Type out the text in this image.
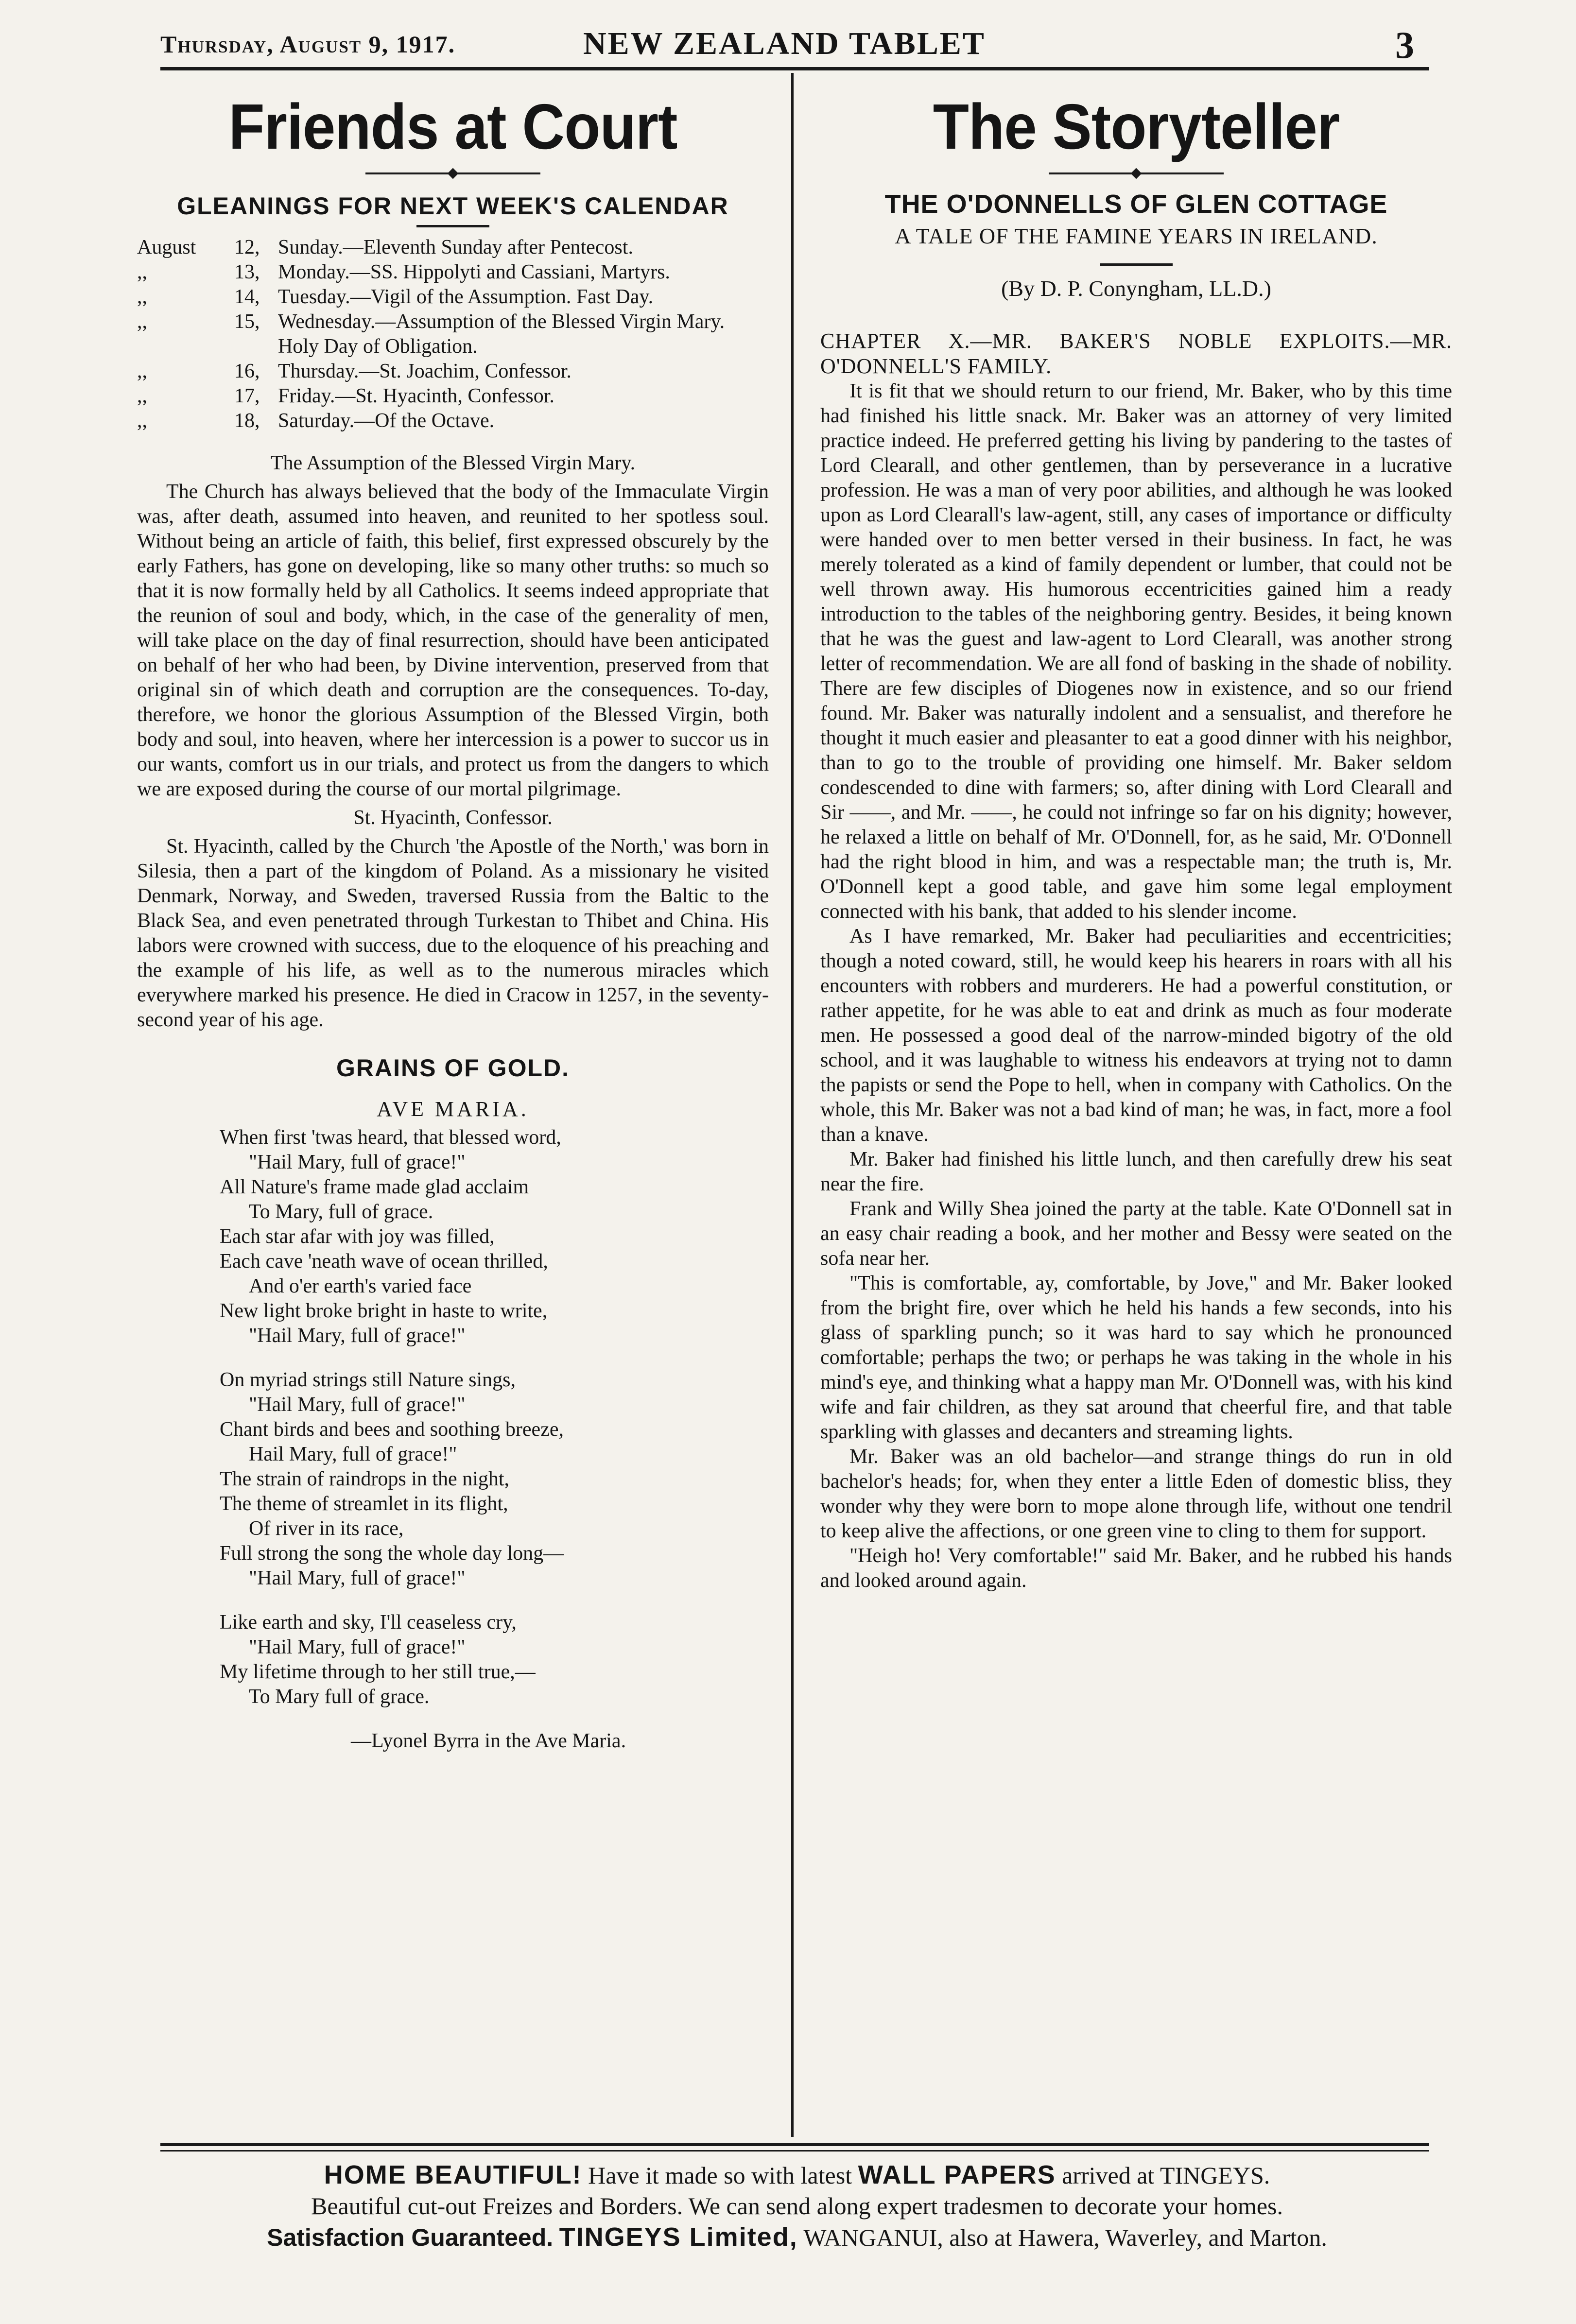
Thursday, August 9, 1917.	NEW ZEALAND TABLET	3
Friends at Court
GLEANINGS FOR NEXT WEEK'S CALENDAR
August	12, Sunday.—Eleventh Sunday after Pentecost.
,,	13, Monday.—SS. Hippolyti and Cassiani, Martyrs.
,,	14, Tuesday.—Vigil of the Assumption. Fast Day.
,,	15, Wednesday.—Assumption of the Blessed Virgin Mary. Holy Day of Obligation.
,,	16, Thursday.—St. Joachim, Confessor.
,,	17, Friday.—St. Hyacinth, Confessor.
,,	18, Saturday.—Of the Octave.

The Assumption of the Blessed Virgin Mary.

The Church has always believed that the body of the Immaculate Virgin was, after death, assumed into heaven, and reunited to her spotless soul. Without being an article of faith, this belief, first expressed obscurely by the early Fathers, has gone on developing, like so many other truths: so much so that it is now formally held by all Catholics. It seems indeed appropriate that the reunion of soul and body, which, in the case of the generality of men, will take place on the day of final resurrection, should have been anticipated on behalf of her who had been, by Divine intervention, preserved from that original sin of which death and corruption are the consequences. To-day, therefore, we honor the glorious Assumption of the Blessed Virgin, both body and soul, into heaven, where her intercession is a power to succor us in our wants, comfort us in our trials, and protect us from the dangers to which we are exposed during the course of our mortal pilgrimage.

St. Hyacinth, Confessor.

St. Hyacinth, called by the Church 'the Apostle of the North,' was born in Silesia, then a part of the kingdom of Poland. As a missionary he visited Denmark, Norway, and Sweden, traversed Russia from the Baltic to the Black Sea, and even penetrated through Turkestan to Thibet and China. His labors were crowned with success, due to the eloquence of his preaching and the example of his life, as well as to the numerous miracles which everywhere marked his presence. He died in Cracow in 1257, in the seventy-second year of his age.

GRAINS OF GOLD.
AVE MARIA.
When first 'twas heard, that blessed word,
"Hail Mary, full of grace!"
All Nature's frame made glad acclaim
To Mary, full of grace.
Each star afar with joy was filled,
Each cave 'neath wave of ocean thrilled,
And o'er earth's varied face
New light broke bright in haste to write,
"Hail Mary, full of grace!"
On myriad strings still Nature sings,
"Hail Mary, full of grace!"
Chant birds and bees and soothing breeze,
Hail Mary, full of grace!"
The strain of raindrops in the night,
The theme of streamlet in its flight,
Of river in its race,
Full strong the song the whole day long—
"Hail Mary, full of grace!"
Like earth and sky, I'll ceaseless cry,
"Hail Mary, full of grace!"
My lifetime through to her still true,—
To Mary full of grace.
—Lyonel Byrra in the Ave Maria.
The Storyteller
THE O'DONNELLS OF GLEN COTTAGE
A TALE OF THE FAMINE YEARS IN IRELAND.
(By D. P. Conyngham, LL.D.)
CHAPTER X.—MR. BAKER'S NOBLE EXPLOITS.—MR. O'DONNELL'S FAMILY.

It is fit that we should return to our friend, Mr. Baker, who by this time had finished his little snack. Mr. Baker was an attorney of very limited practice indeed. He preferred getting his living by pandering to the tastes of Lord Clearall, and other gentlemen, than by perseverance in a lucrative profession. He was a man of very poor abilities, and although he was looked upon as Lord Clearall's law-agent, still, any cases of importance or difficulty were handed over to men better versed in their business. In fact, he was merely tolerated as a kind of family dependent or lumber, that could not be well thrown away. His humorous eccentricities gained him a ready introduction to the tables of the neighboring gentry. Besides, it being known that he was the guest and law-agent to Lord Clearall, was another strong letter of recommendation. We are all fond of basking in the shade of nobility. There are few disciples of Diogenes now in existence, and so our friend found. Mr. Baker was naturally indolent and a sensualist, and therefore he thought it much easier and pleasanter to eat a good dinner with his neighbor, than to go to the trouble of providing one himself. Mr. Baker seldom condescended to dine with farmers; so, after dining with Lord Clearall and Sir ——, and Mr. ——, he could not infringe so far on his dignity; however, he relaxed a little on behalf of Mr. O'Donnell, for, as he said, Mr. O'Donnell had the right blood in him, and was a respectable man; the truth is, Mr. O'Donnell kept a good table, and gave him some legal employment connected with his bank, that added to his slender income.

As I have remarked, Mr. Baker had peculiarities and eccentricities; though a noted coward, still, he would keep his hearers in roars with all his encounters with robbers and murderers. He had a powerful constitution, or rather appetite, for he was able to eat and drink as much as four moderate men. He possessed a good deal of the narrow-minded bigotry of the old school, and it was laughable to witness his endeavors at trying not to damn the papists or send the Pope to hell, when in company with Catholics. On the whole, this Mr. Baker was not a bad kind of man; he was, in fact, more a fool than a knave.

Mr. Baker had finished his little lunch, and then carefully drew his seat near the fire.

Frank and Willy Shea joined the party at the table. Kate O'Donnell sat in an easy chair reading a book, and her mother and Bessy were seated on the sofa near her.

"This is comfortable, ay, comfortable, by Jove," and Mr. Baker looked from the bright fire, over which he held his hands a few seconds, into his glass of sparkling punch; so it was hard to say which he pronounced comfortable; perhaps the two; or perhaps he was taking in the whole in his mind's eye, and thinking what a happy man Mr. O'Donnell was, with his kind wife and fair children, as they sat around that cheerful fire, and that table sparkling with glasses and decanters and streaming lights.

Mr. Baker was an old bachelor—and strange things do run in old bachelor's heads; for, when they enter a little Eden of domestic bliss, they wonder why they were born to mope alone through life, without one tendril to keep alive the affections, or one green vine to cling to them for support.

"Heigh ho! Very comfortable!" said Mr. Baker, and he rubbed his hands and looked around again.

HOME BEAUTIFUL! Have it made so with latest WALL PAPERS arrived at TINGEYS.
Beautiful cut-out Freizes and Borders. We can send along expert tradesmen to decorate your homes.
Satisfaction Guaranteed. TINGEYS Limited, WANGANUI, also at Hawera, Waverley, and Marton.
